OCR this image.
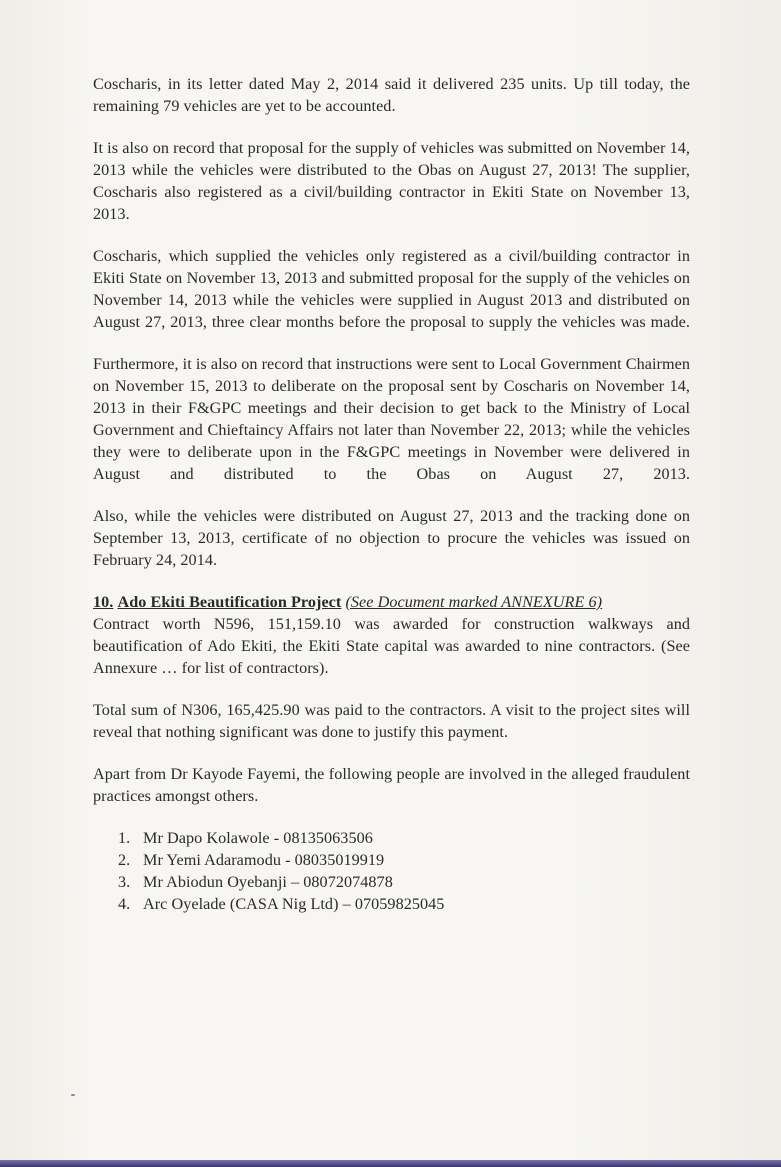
Coscharis, in its letter dated May 2, 2014 said it delivered 235 units. Up till today, the remaining 79 vehicles are yet to be accounted.

It is also on record that proposal for the supply of vehicles was submitted on November 14, 2013 while the vehicles were distributed to the Obas on August 27, 2013! The supplier, Coscharis also registered as a civil/building contractor in Ekiti State on November 13, 2013.

Coscharis, which supplied the vehicles only registered as a civil/building contractor in Ekiti State on November 13, 2013 and submitted proposal for the supply of the vehicles on November 14, 2013 while the vehicles were supplied in August 2013 and distributed on August 27, 2013, three clear months before the proposal to supply the vehicles was made.

Furthermore, it is also on record that instructions were sent to Local Government Chairmen on November 15, 2013 to deliberate on the proposal sent by Coscharis on November 14, 2013 in their F&GPC meetings and their decision to get back to the Ministry of Local Government and Chieftaincy Affairs not later than November 22, 2013; while the vehicles they were to deliberate upon in the F&GPC meetings in November were delivered in August and distributed to the Obas on August 27, 2013.

Also, while the vehicles were distributed on August 27, 2013 and the tracking done on September 13, 2013, certificate of no objection to procure the vehicles was issued on February 24, 2014.

10. Ado Ekiti Beautification Project (See Document marked ANNEXURE 6)

Contract worth N596, 151,159.10 was awarded for construction walkways and beautification of Ado Ekiti, the Ekiti State capital was awarded to nine contractors. (See Annexure … for list of contractors).

Total sum of N306, 165,425.90 was paid to the contractors. A visit to the project sites will reveal that nothing significant was done to justify this payment.

Apart from Dr Kayode Fayemi, the following people are involved in the alleged fraudulent practices amongst others.

1. Mr Dapo Kolawole - 08135063506
2. Mr Yemi Adaramodu - 08035019919
3. Mr Abiodun Oyebanji – 08072074878
4. Arc Oyelade (CASA Nig Ltd) – 07059825045
